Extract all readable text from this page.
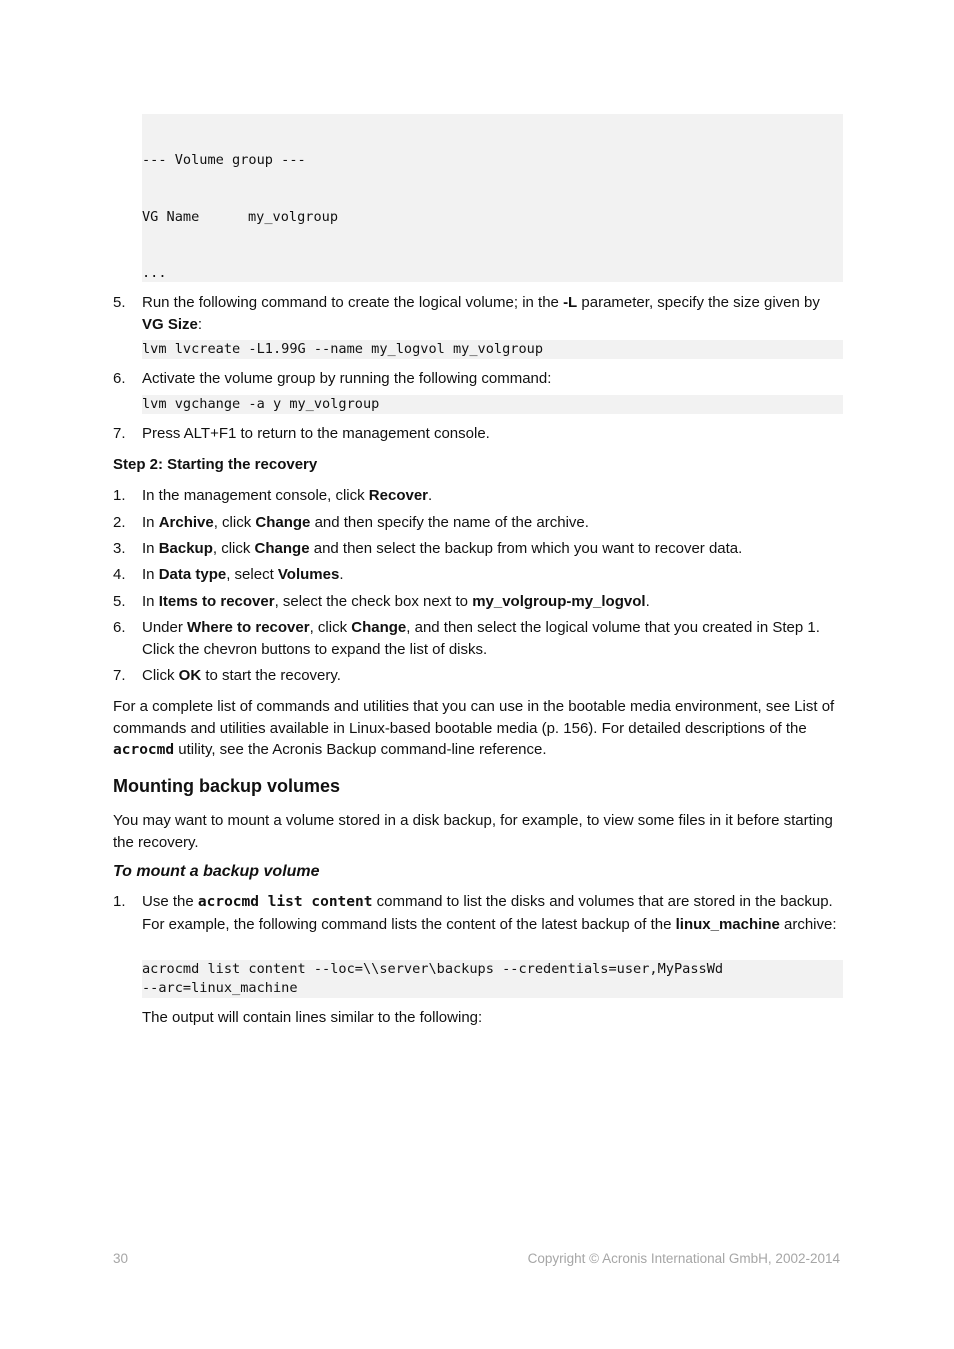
--- Volume group ---

VG Name	my_volgroup

...

5. Run the following command to create the logical volume; in the -L parameter, specify the size given by VG Size:
lvm lvcreate -L1.99G --name my_logvol my_volgroup
6. Activate the volume group by running the following command:
lvm vgchange -a y my_volgroup
7. Press ALT+F1 to return to the management console.
Step 2: Starting the recovery
1. In the management console, click Recover.
2. In Archive, click Change and then specify the name of the archive.
3. In Backup, click Change and then select the backup from which you want to recover data.
4. In Data type, select Volumes.
5. In Items to recover, select the check box next to my_volgroup-my_logvol.
6. Under Where to recover, click Change, and then select the logical volume that you created in Step 1. Click the chevron buttons to expand the list of disks.
7. Click OK to start the recovery.
For a complete list of commands and utilities that you can use in the bootable media environment, see List of commands and utilities available in Linux-based bootable media (p. 156). For detailed descriptions of the acrocmd utility, see the Acronis Backup command-line reference.
Mounting backup volumes
You may want to mount a volume stored in a disk backup, for example, to view some files in it before starting the recovery.
To mount a backup volume
1. Use the acrocmd list content command to list the disks and volumes that are stored in the backup. For example, the following command lists the content of the latest backup of the linux_machine archive:
acrocmd list content --loc=\\server\backups --credentials=user,MyPassWd
--arc=linux_machine
The output will contain lines similar to the following:
30	Copyright © Acronis International GmbH, 2002-2014
